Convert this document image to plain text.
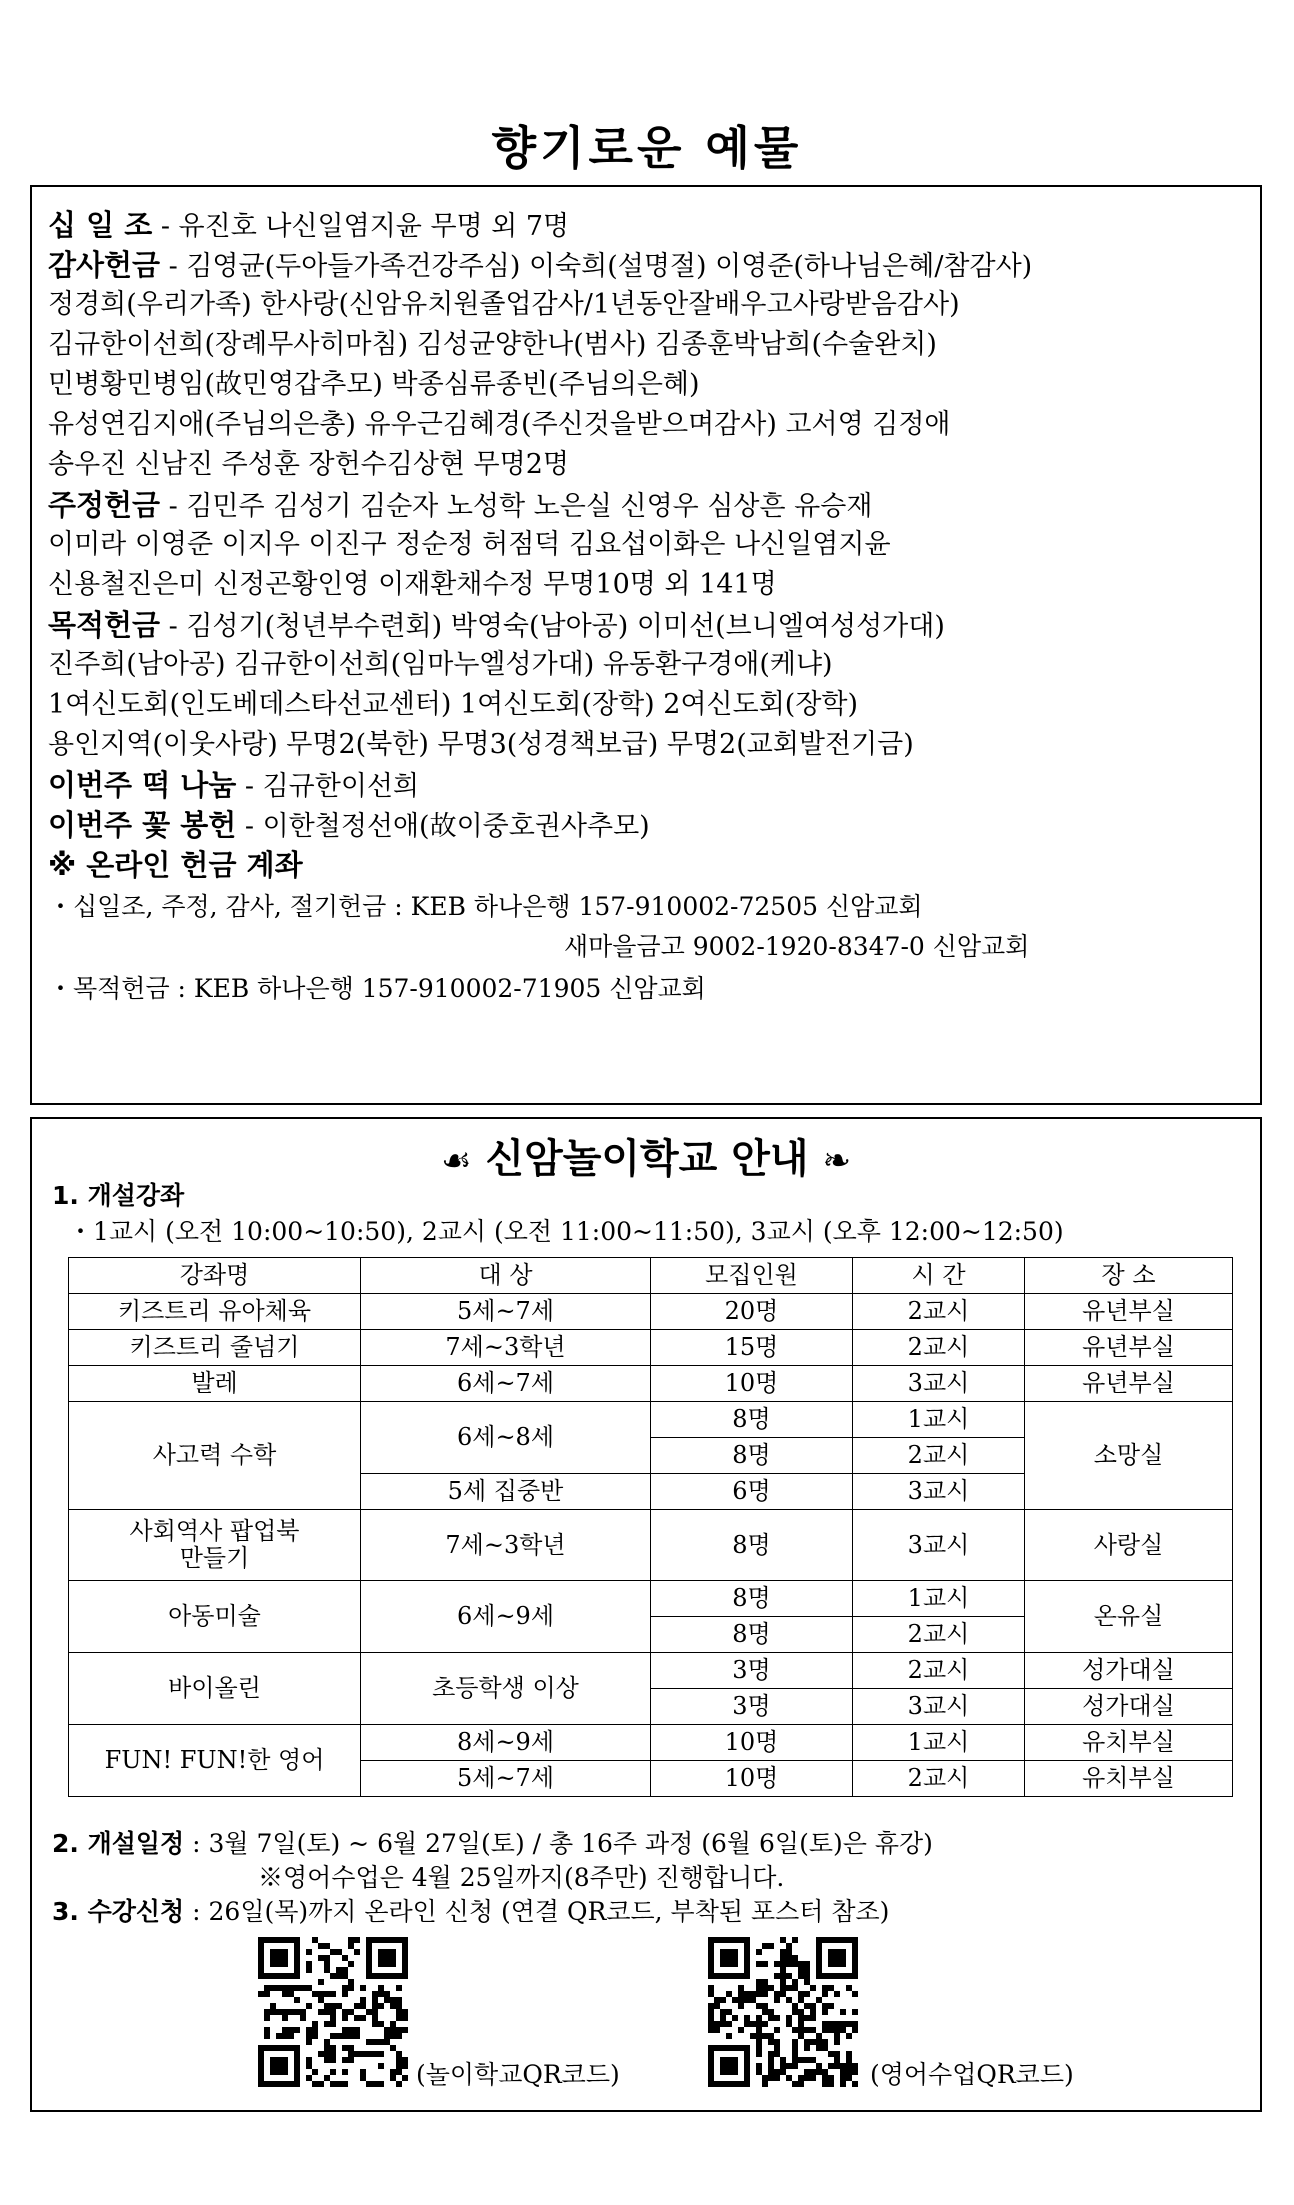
향기로운 예물
십 일 조 - 유진호 나신일염지윤 무명 외 7명
감사헌금 - 김영균(두아들가족건강주심) 이숙희(설명절) 이영준(하나님은혜/참감사)
정경희(우리가족) 한사랑(신암유치원졸업감사/1년동안잘배우고사랑받음감사)
김규한이선희(장례무사히마침) 김성균양한나(범사) 김종훈박남희(수술완치)
민병황민병임(故민영갑추모) 박종심류종빈(주님의은혜)
유성연김지애(주님의은총) 유우근김혜경(주신것을받으며감사) 고서영 김정애
송우진 신남진 주성훈 장헌수김상현 무명2명
주정헌금 - 김민주 김성기 김순자 노성학 노은실 신영우 심상흔 유승재
이미라 이영준 이지우 이진구 정순정 허점덕 김요섭이화은 나신일염지윤
신용철진은미 신정곤황인영 이재환채수정 무명10명 외 141명
목적헌금 - 김성기(청년부수련회) 박영숙(남아공) 이미선(브니엘여성성가대)
진주희(남아공) 김규한이선희(임마누엘성가대) 유동환구경애(케냐)
1여신도회(인도베데스타선교센터) 1여신도회(장학) 2여신도회(장학)
용인지역(이웃사랑) 무명2(북한) 무명3(성경책보급) 무명2(교회발전기금)
이번주 떡 나눔 - 김규한이선희
이번주 꽃 봉헌 - 이한철정선애(故이중호권사추모)
※ 온라인 헌금 계좌
・십일조, 주정, 감사, 절기헌금 : KEB 하나은행 157-910002-72505 신암교회
새마을금고 9002-1920-8347-0 신암교회
・목적헌금 : KEB 하나은행 157-910002-71905 신암교회
☙ 신암놀이학교 안내 ❧
1. 개설강좌
・1교시 (오전 10:00~10:50), 2교시 (오전 11:00~11:50), 3교시 (오후 12:00~12:50)
강좌명	대 상	모집인원	시 간	장 소
키즈트리 유아체육	5세~7세	20명	2교시	유년부실
키즈트리 줄넘기	7세~3학년	15명	2교시	유년부실
발레	6세~7세	10명	3교시	유년부실
사고력 수학	6세~8세	8명	1교시	소망실
		8명	2교시	
	5세 집중반	6명	3교시	
사회역사 팝업북
만들기	7세~3학년	8명	3교시	사랑실
아동미술	6세~9세	8명	1교시	온유실
		8명	2교시	
바이올린	초등학생 이상	3명	2교시	성가대실
		3명	3교시	성가대실
FUN! FUN!한 영어	8세~9세	10명	1교시	유치부실
	5세~7세	10명	2교시	유치부실
2. 개설일정 : 3월 7일(토) ~ 6월 27일(토) / 총 16주 과정 (6월 6일(토)은 휴강)
※영어수업은 4월 25일까지(8주만) 진행합니다.
3. 수강신청 : 26일(목)까지 온라인 신청 (연결 QR코드, 부착된 포스터 참조)
(놀이학교QR코드)	(영어수업QR코드)
